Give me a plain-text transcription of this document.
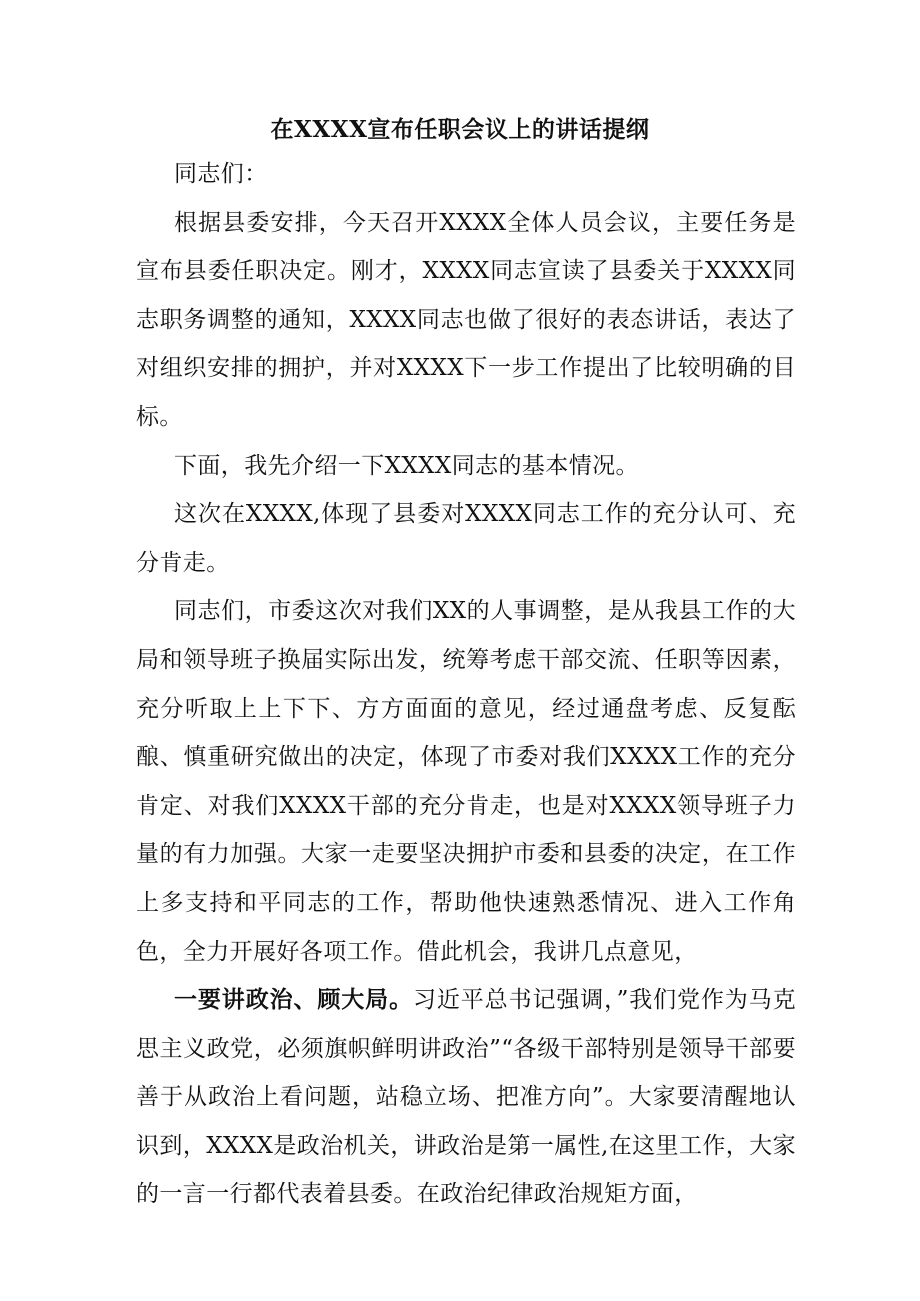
在XXXX宣布任职会议上的讲话提纲

同志们：

根据县委安排，今天召开XXXX全体人员会议，主要任务是宣布县委任职决定。刚才，XXXX同志宣读了县委关于XXXX同志职务调整的通知，XXXX同志也做了很好的表态讲话，表达了对组织安排的拥护，并对XXXX下一步工作提出了比较明确的目标。

下面，我先介绍一下XXXX同志的基本情况。

这次在XXXX,体现了县委对XXXX同志工作的充分认可、充分肯走。

同志们，市委这次对我们XX的人事调整，是从我县工作的大局和领导班子换届实际出发，统筹考虑干部交流、任职等因素，充分听取上上下下、方方面面的意见，经过通盘考虑、反复酝酿、慎重研究做出的决定，体现了市委对我们XXXX工作的充分肯定、对我们XXXX干部的充分肯走，也是对XXXX领导班子力量的有力加强。大家一走要坚决拥护市委和县委的决定，在工作上多支持和平同志的工作，帮助他快速熟悉情况、进入工作角色，全力开展好各项工作。借此机会，我讲几点意见，

一要讲政治、顾大局。习近平总书记强调，”我们党作为马克思主义政党，必须旗帜鲜明讲政治”“各级干部特别是领导干部要善于从政治上看问题，站稳立场、把准方向”。大家要清醒地认识到，XXXX是政治机关，讲政治是第一属性,在这里工作，大家的一言一行都代表着县委。在政治纪律政治规矩方面，
